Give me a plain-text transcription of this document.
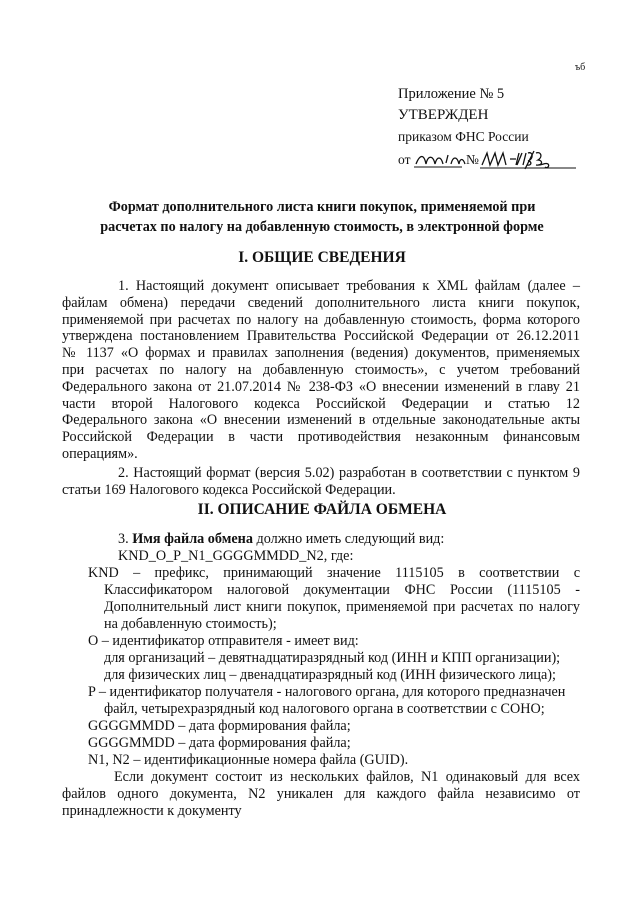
ъб
Приложение № 5
УТВЕРЖДЕН
приказом ФНС России
от	№
Формат дополнительного листа книги покупок, применяемой при
расчетах по налогу на добавленную стоимость, в электронной форме
I. ОБЩИЕ СВЕДЕНИЯ
1. Настоящий документ описывает требования к XML файлам (далее –
файлам обмена) передачи сведений дополнительного листа книги покупок,
применяемой при расчетах по налогу на добавленную стоимость, форма которого
утверждена постановлением Правительства Российской Федерации от 26.12.2011
№ 1137 «О формах и правилах заполнения (ведения) документов, применяемых
при расчетах по налогу на добавленную стоимость», с учетом требований
Федерального закона от 21.07.2014 № 238-ФЗ «О внесении изменений в главу 21
части второй Налогового кодекса Российской Федерации и статью 12
Федерального закона «О внесении изменений в отдельные законодательные акты
Российской Федерации в части противодействия незаконным финансовым
операциям».
2. Настоящий формат (версия 5.02) разработан в соответствии с пунктом 9
статьи 169 Налогового кодекса Российской Федерации.
II. ОПИСАНИЕ ФАЙЛА ОБМЕНА
3. Имя файла обмена должно иметь следующий вид:
KND_O_P_N1_GGGGMMDD_N2, где:
KND – префикс, принимающий значение 1115105 в соответствии с
Классификатором налоговой документации ФНС России (1115105 -
Дополнительный лист книги покупок, применяемой при расчетах по налогу
на добавленную стоимость);
O – идентификатор отправителя - имеет вид:
для организаций – девятнадцатиразрядный код (ИНН и КПП организации);
для физических лиц – двенадцатиразрядный код (ИНН физического лица);
P – идентификатор получателя - налогового органа, для которого предназначен
файл, четырехразрядный код налогового органа в соответствии с СОНО;
GGGGMMDD – дата формирования файла;
GGGGMMDD – дата формирования файла;
N1, N2 – идентификационные номера файла (GUID).
Если документ состоит из нескольких файлов, N1 одинаковый для всех
файлов одного документа, N2 уникален для каждого файла независимо от
принадлежности к документу
